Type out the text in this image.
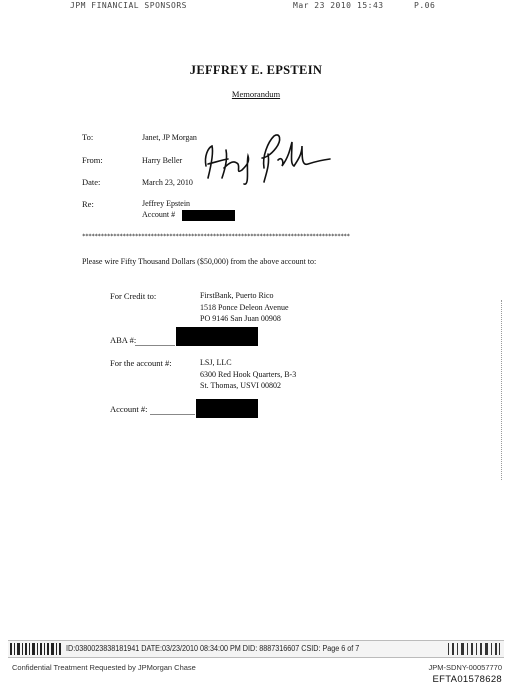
JPM FINANCIAL SPONSORS	Mar 23 2010 15:43	P.06
JEFFREY E. EPSTEIN
Memorandum
To:	Janet, JP Morgan
From:	Harry Beller
Date:	March 23, 2010
Re:	Jeffrey Epstein
Account #
**************************************************************************************
Please wire Fifty Thousand Dollars ($50,000) from the above account to:
For Credit to:	FirstBank, Puerto Rico
1518 Ponce Deleon Avenue
PO 9146 San Juan 00908
ABA #:
For the account #:	LSJ, LLC
6300 Red Hook Quarters, B-3
St. Thomas, USVI 00802
Account #:
ID:0380023838181941 DATE:03/23/2010 08:34:00 PM DID: 8887316607 CSID: Page 6 of 7
Confidential Treatment Requested by JPMorgan Chase	JPM-SDNY-00057770
EFTA01578628
